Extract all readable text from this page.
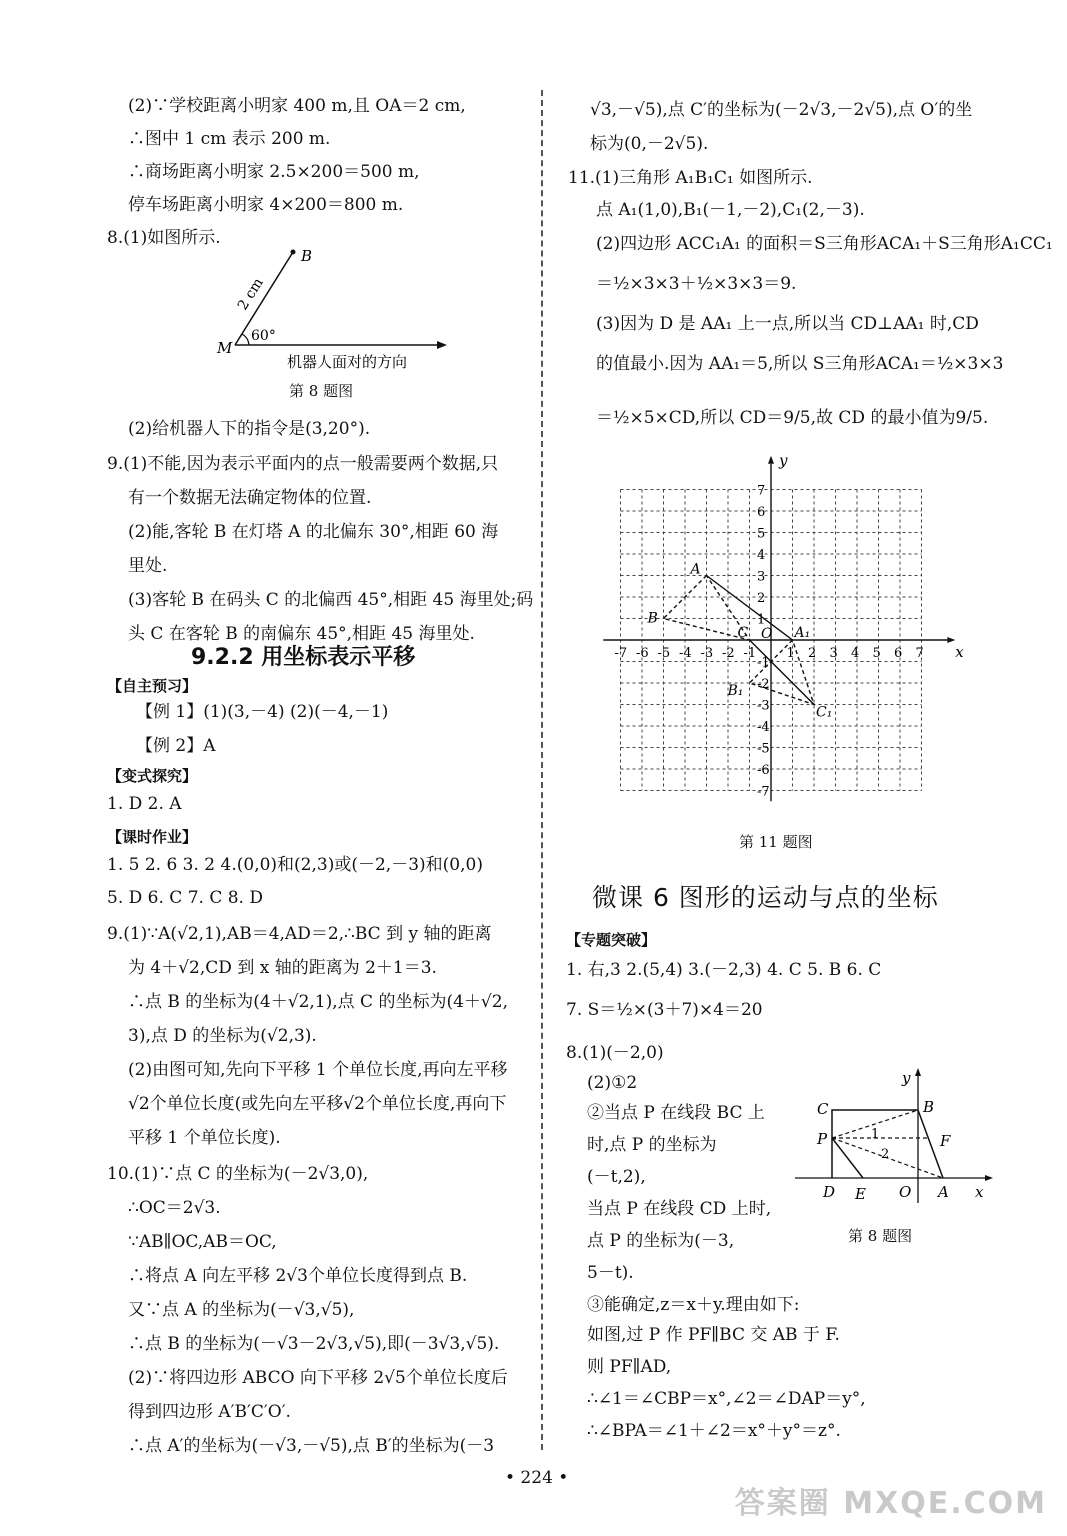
(2)∵学校距离小明家 400 m,且 OA＝2 cm,
∴图中 1 cm 表示 200 m.
∴商场距离小明家 2.5×200＝500 m,
停车场距离小明家 4×200＝800 m.
8.(1)如图所示.
B
M
2 cm
60°
机器人面对的方向
第 8 题图
(2)给机器人下的指令是(3,20°).
9.(1)不能,因为表示平面内的点一般需要两个数据,只
有一个数据无法确定物体的位置.
(2)能,客轮 B 在灯塔 A 的北偏东 30°,相距 60 海
里处.
(3)客轮 B 在码头 C 的北偏西 45°,相距 45 海里处;码
头 C 在客轮 B 的南偏东 45°,相距 45 海里处.
9.2.2 用坐标表示平移
【自主预习】
【例 1】(1)(3,－4) (2)(－4,－1)
【例 2】A
【变式探究】
1. D 2. A
【课时作业】
1. 5 2. 6 3. 2 4.(0,0)和(2,3)或(－2,－3)和(0,0)
5. D 6. C 7. C 8. D
9.(1)∵A(√2,1),AB＝4,AD＝2,∴BC 到 y 轴的距离
为 4＋√2,CD 到 x 轴的距离为 2＋1＝3.
∴点 B 的坐标为(4＋√2,1),点 C 的坐标为(4＋√2,
3),点 D 的坐标为(√2,3).
(2)由图可知,先向下平移 1 个单位长度,再向左平移
√2个单位长度(或先向左平移√2个单位长度,再向下
平移 1 个单位长度).
10.(1)∵点 C 的坐标为(－2√3,0),
∴OC＝2√3.
∵AB∥OC,AB＝OC,
∴将点 A 向左平移 2√3个单位长度得到点 B.
又∵点 A 的坐标为(－√3,√5),
∴点 B 的坐标为(－√3－2√3,√5),即(－3√3,√5).
(2)∵将四边形 ABCO 向下平移 2√5个单位长度后
得到四边形 A′B′C′O′.
∴点 A′的坐标为(－√3,－√5),点 B′的坐标为(－3
√3,－√5),点 C′的坐标为(－2√3,－2√5),点 O′的坐
标为(0,－2√5).
11.(1)三角形 A₁B₁C₁ 如图所示.
点 A₁(1,0),B₁(－1,－2),C₁(2,－3).
(2)四边形 ACC₁A₁ 的面积＝S三角形ACA₁＋S三角形A₁CC₁
＝½×3×3＋½×3×3＝9.
(3)因为 D 是 AA₁ 上一点,所以当 CD⊥AA₁ 时,CD
的值最小.因为 AA₁＝5,所以 S三角形ACA₁＝½×3×3
＝½×5×CD,所以 CD＝9/5,故 CD 的最小值为9/5.
-7 -6 -5 -4 -3 -2 -1 1 2 3 4 5 6 7
7
6
5
4
3
2
1
-1
-2
-3
-4
-5
-6
-7
A
B
C	A₁
B₁
C₁
x
y
O
第 11 题图
微课 6 图形的运动与点的坐标
【专题突破】
1. 右,3 2.(5,4) 3.(－2,3) 4. C 5. B 6. C
7. S＝½×(3＋7)×4＝20
8.(1)(－2,0)
(2)①2
②当点 P 在线段 BC 上
时,点 P 的坐标为
(－t,2),
当点 P 在线段 CD 上时,
点 P 的坐标为(－3,
5－t).
③能确定,z＝x＋y.理由如下:
如图,过 P 作 PF∥BC 交 AB 于 F.
则 PF∥AD,
∴∠1＝∠CBP＝x°,∠2＝∠DAP＝y°,
∴∠BPA＝∠1＋∠2＝x°＋y°＝z°.
y
C	B
P	1
2
F
D E O A x
第 8 题图
• 224 •
答案圈 MXQE.COM
